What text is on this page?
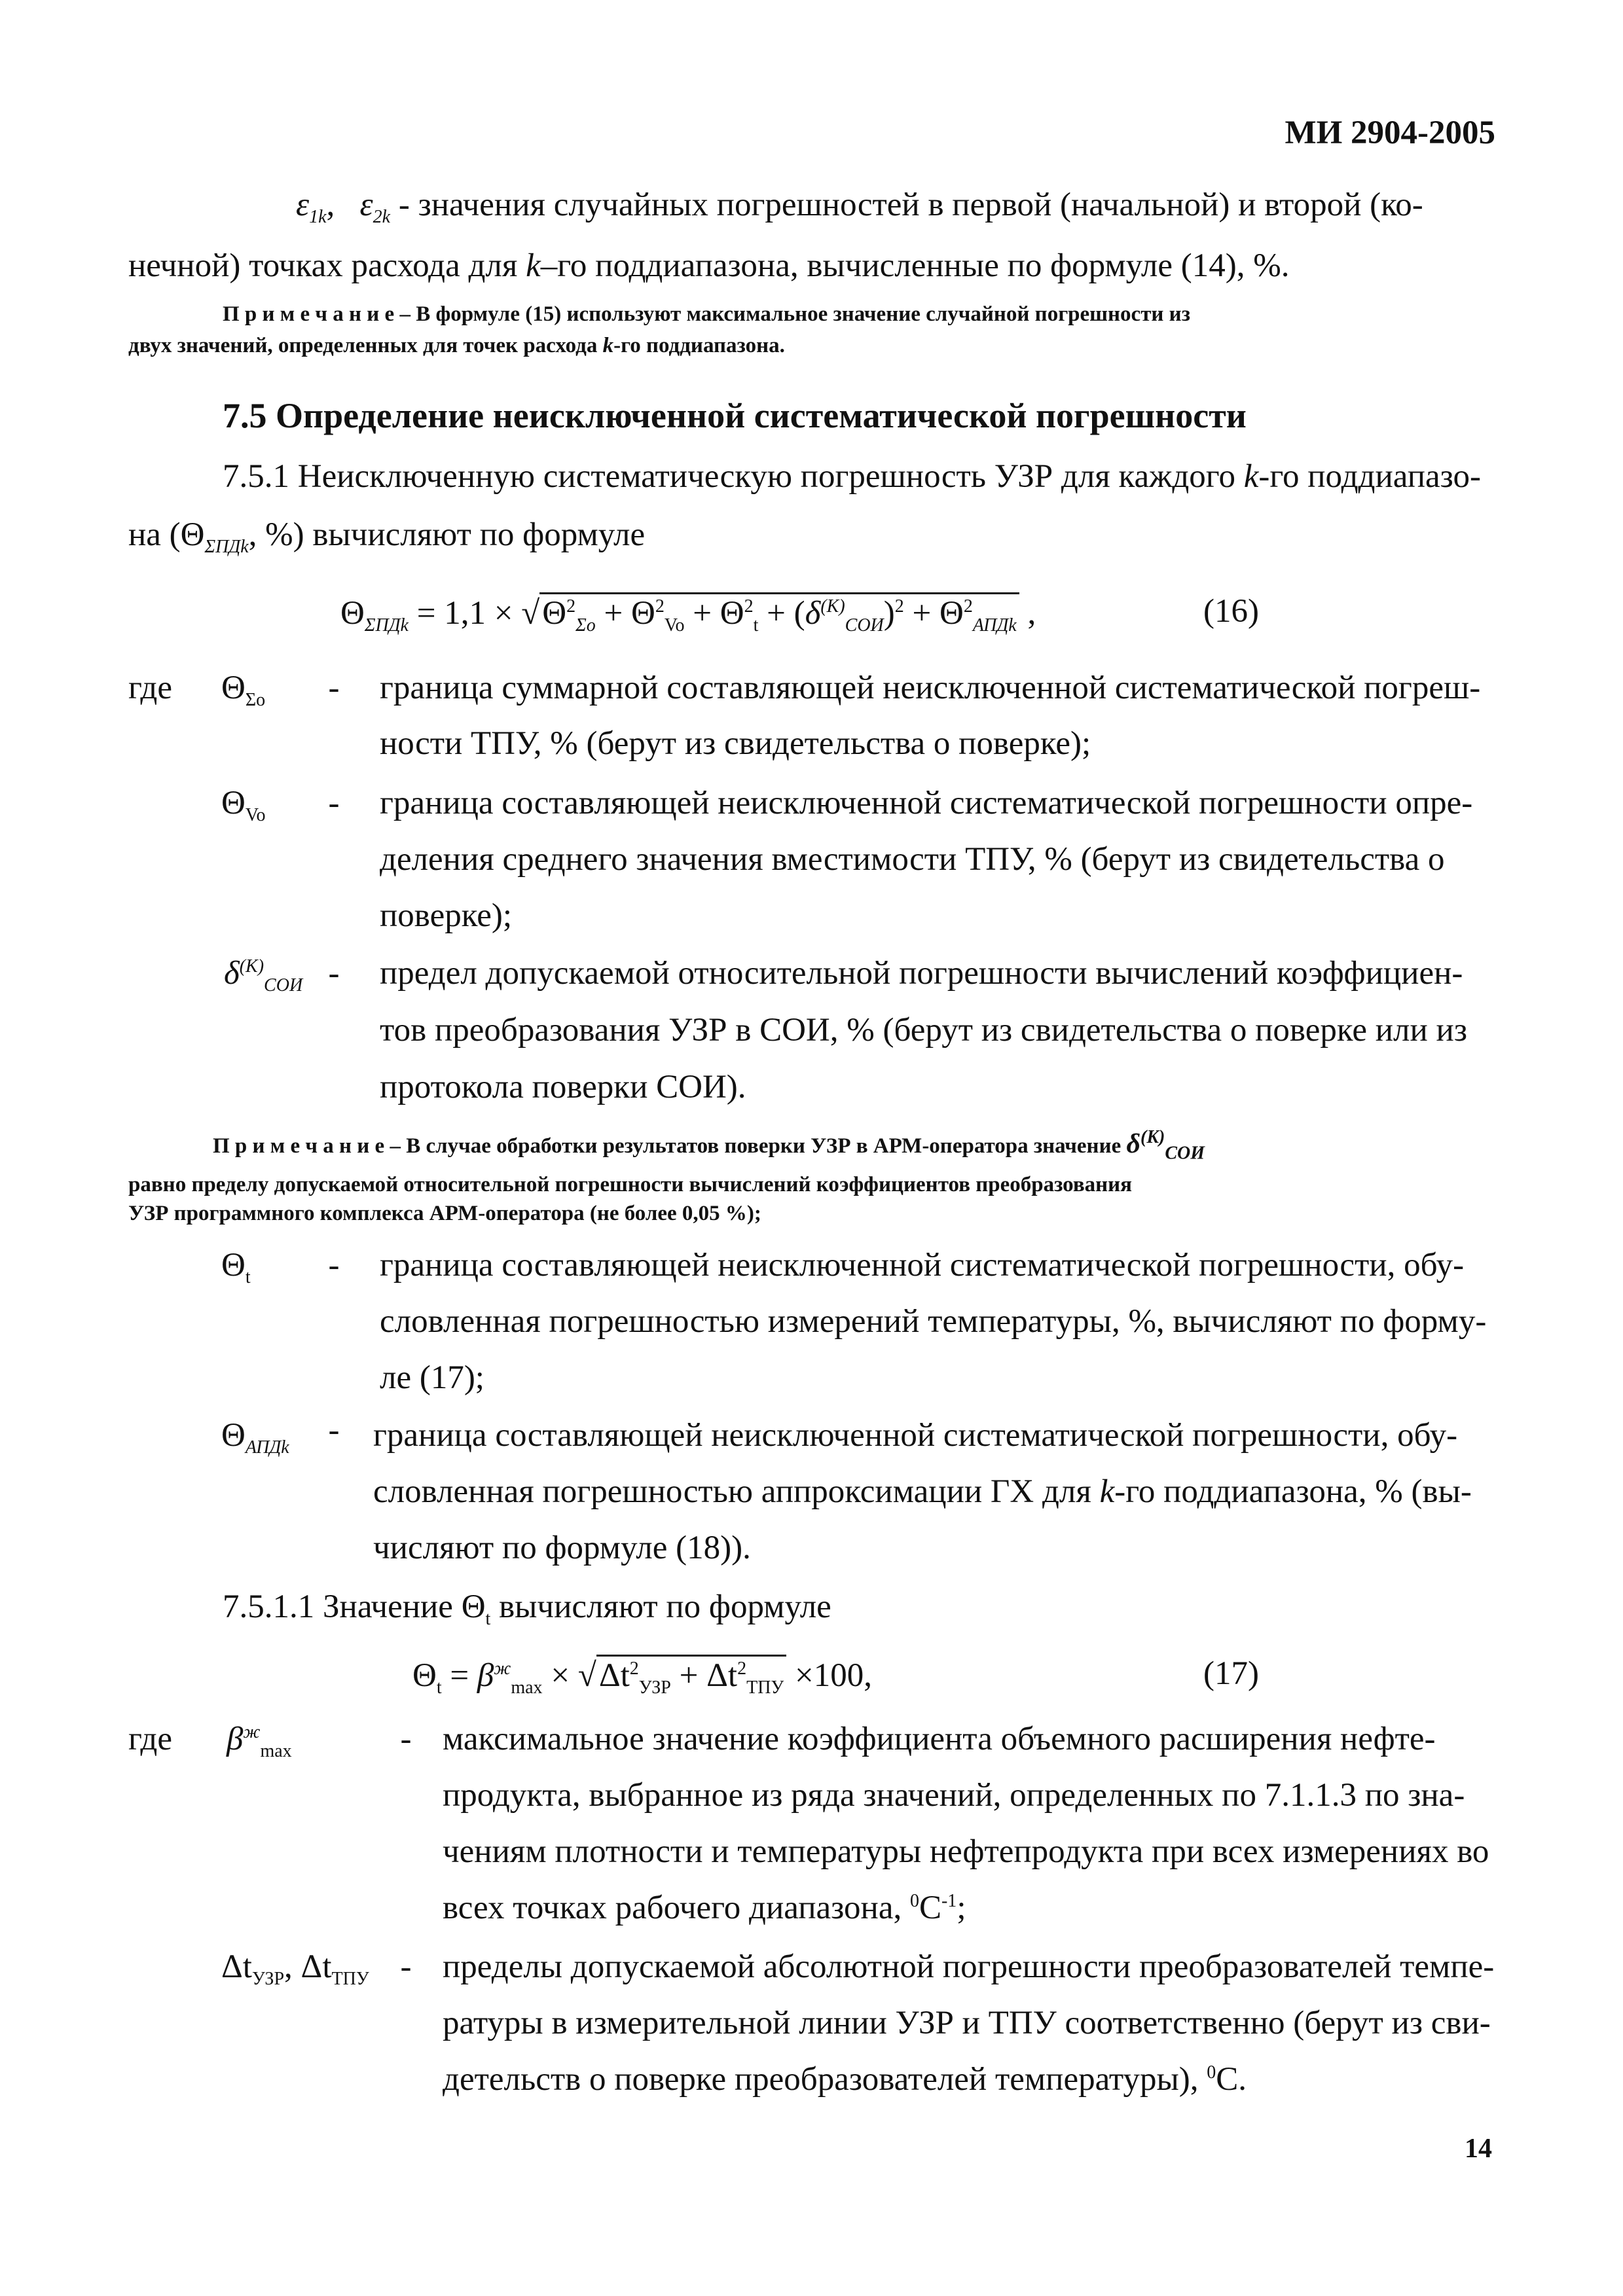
МИ 2904-2005
$\varepsilon_{1k}$, $\varepsilon_{2k}$ - значения случайных погрешностей в первой (начальной) и второй (ко-
нечной) точках расхода для k–го поддиапазона, вычисленные по формуле (14), %.
П р и м е ч а н и е – В формуле (15) используют максимальное значение случайной погрешности из
двух значений, определенных для точек расхода k-го поддиапазона.
7.5 Определение неисключенной систематической погрешности
7.5.1 Неисключенную систематическую погрешность УЗР для каждого k-го поддиапазо-
на ($\Theta_{\Sigma ПДk}$, %) вычисляют по формуле
$\Theta_{\Sigma ПДk} = 1,1 \times √\Theta^2_{\Sigma o} + \Theta^2_{Vo} + \Theta^2_t + (\delta^{(K)}_{СОИ})^2 + \Theta^2_{АПДk}$ ,	(16)
где $\Theta_{\Sigma o}$ - граница суммарной составляющей неисключенной систематической погреш-
ности ТПУ, % (берут из свидетельства о поверке);
$\Theta_{Vo}$ - граница составляющей неисключенной систематической погрешности опре-
деления среднего значения вместимости ТПУ, % (берут из свидетельства о
поверке);
$\delta^{(K)}_{СОИ}$ - предел допускаемой относительной погрешности вычислений коэффициен-
тов преобразования УЗР в СОИ, % (берут из свидетельства о поверке или из
протокола поверки СОИ).
П р и м е ч а н и е – В случае обработки результатов поверки УЗР в АРМ-оператора значение $\delta^{(K)}_{СОИ}$
равно пределу допускаемой относительной погрешности вычислений коэффициентов преобразования
УЗР программного комплекса АРМ-оператора (не более 0,05 %);
$\Theta_t$ - граница составляющей неисключенной систематической погрешности, обу-
словленная погрешностью измерений температуры, %, вычисляют по форму-
ле (17);
$\Theta_{АПДk}$ - граница составляющей неисключенной систематической погрешности, обу-
словленная погрешностью аппроксимации ГХ для k-го поддиапазона, % (вы-
числяют по формуле (18)).
7.5.1.1 Значение $\Theta_t$ вычисляют по формуле
$\Theta_t = \beta^ж_{max} \times √\Delta t^2_{УЗР} + \Delta t^2_{ТПУ} \times 100$,	(17)
где $\beta^ж_{max}$	- максимальное значение коэффициента объемного расширения нефте-
продукта, выбранное из ряда значений, определенных по 7.1.1.3 по зна-
чениям плотности и температуры нефтепродукта при всех измерениях во
всех точках рабочего диапазона, $^0С^{-1}$;
$\Delta t_{УЗР}$, $\Delta t_{ТПУ}$ - пределы допускаемой абсолютной погрешности преобразователей темпе-
ратуры в измерительной линии УЗР и ТПУ соответственно (берут из сви-
детельств о поверке преобразователей температуры), $^0$С.
14
